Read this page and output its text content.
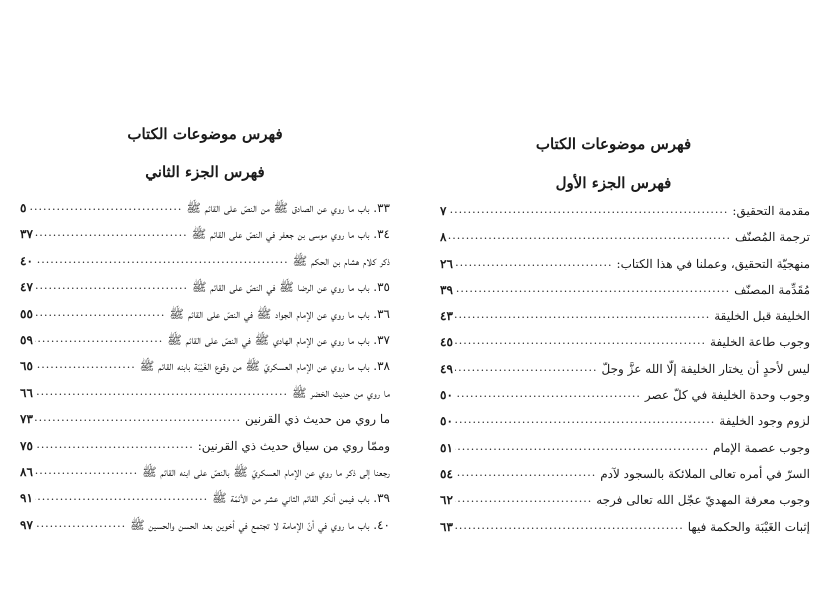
فهرس موضوعات الكتاب
فهرس الجزء الثاني
٣٣. باب ما روي عن الصادق ﷺ من النصّ على القائم ﷺ
.....
٥
٣٤. باب ما روي موسى بن جعفر في النصّ على القائم ﷺ
.....
٣٧
ذكر كلام هشام بن الحكم ﷺ
.....
٤٠
٣٥. باب ما روي عن الرضا ﷺ في النصّ على القائم ﷺ
.....
٤٧
٣٦. باب ما روي عن الإمام الجواد ﷺ في النصّ على القائم ﷺ
.....
٥٥
٣٧. باب ما روي عن الإمام الهادي ﷺ في النصّ على القائم ﷺ
.....
٥٩
٣٨. باب ما روي عن الإمام العسكريّ ﷺ من وقوع الغَيْبَة بابنه القائم ﷺ
.....
٦٥
ما روي من حديث الخضر ﷺ
.....
٦٦
ما روي من حديث ذي القرنين
.....
٧٣
وممّا روي من سياق حديث ذي القرنين:
.....
٧٥
رجعنا إلى ذكر ما روي عن الإمام العسكريّ ﷺ بالنصّ على ابنه القائم ﷺ
.....
٨٦
٣٩. باب فيمن أنكر القائم الثاني عشر من الأئمّة ﷺ
.....
٩١
٤٠. باب ما روي في أنّ الإمامة لا تجتمع في أخوين بعد الحسن والحسين ﷺ
.....
٩٧
فهرس موضوعات الكتاب
فهرس الجزء الأول
مقدمة التحقيق:
.....
٧
ترجمة المُصنّف
.....
٨
منهجيّة التحقيق، وعملنا في هذا الكتاب:
.....
٢٦
مُقَدِّمة المصنّف
.....
٣٩
الخليفة قبل الخليقة
.....
٤٣
وجوب طاعة الخليفة
.....
٤٥
ليس لأحدٍ أن يختار الخليفة إلّا الله عزَّ وجلّ
.....
٤٩
وجوب وحدة الخليفة في كلّ عصر
.....
٥٠
لزوم وجود الخليفة
.....
٥٠
وجوب عصمة الإمام
.....
٥١
السرّ في أمره تعالى الملائكة بالسجود لآدم
.....
٥٤
وجوب معرفة المهديّ عجّل الله تعالى فرجه
.....
٦٢
إثبات الغَيْبَة والحكمة فيها
.....
٦٣
